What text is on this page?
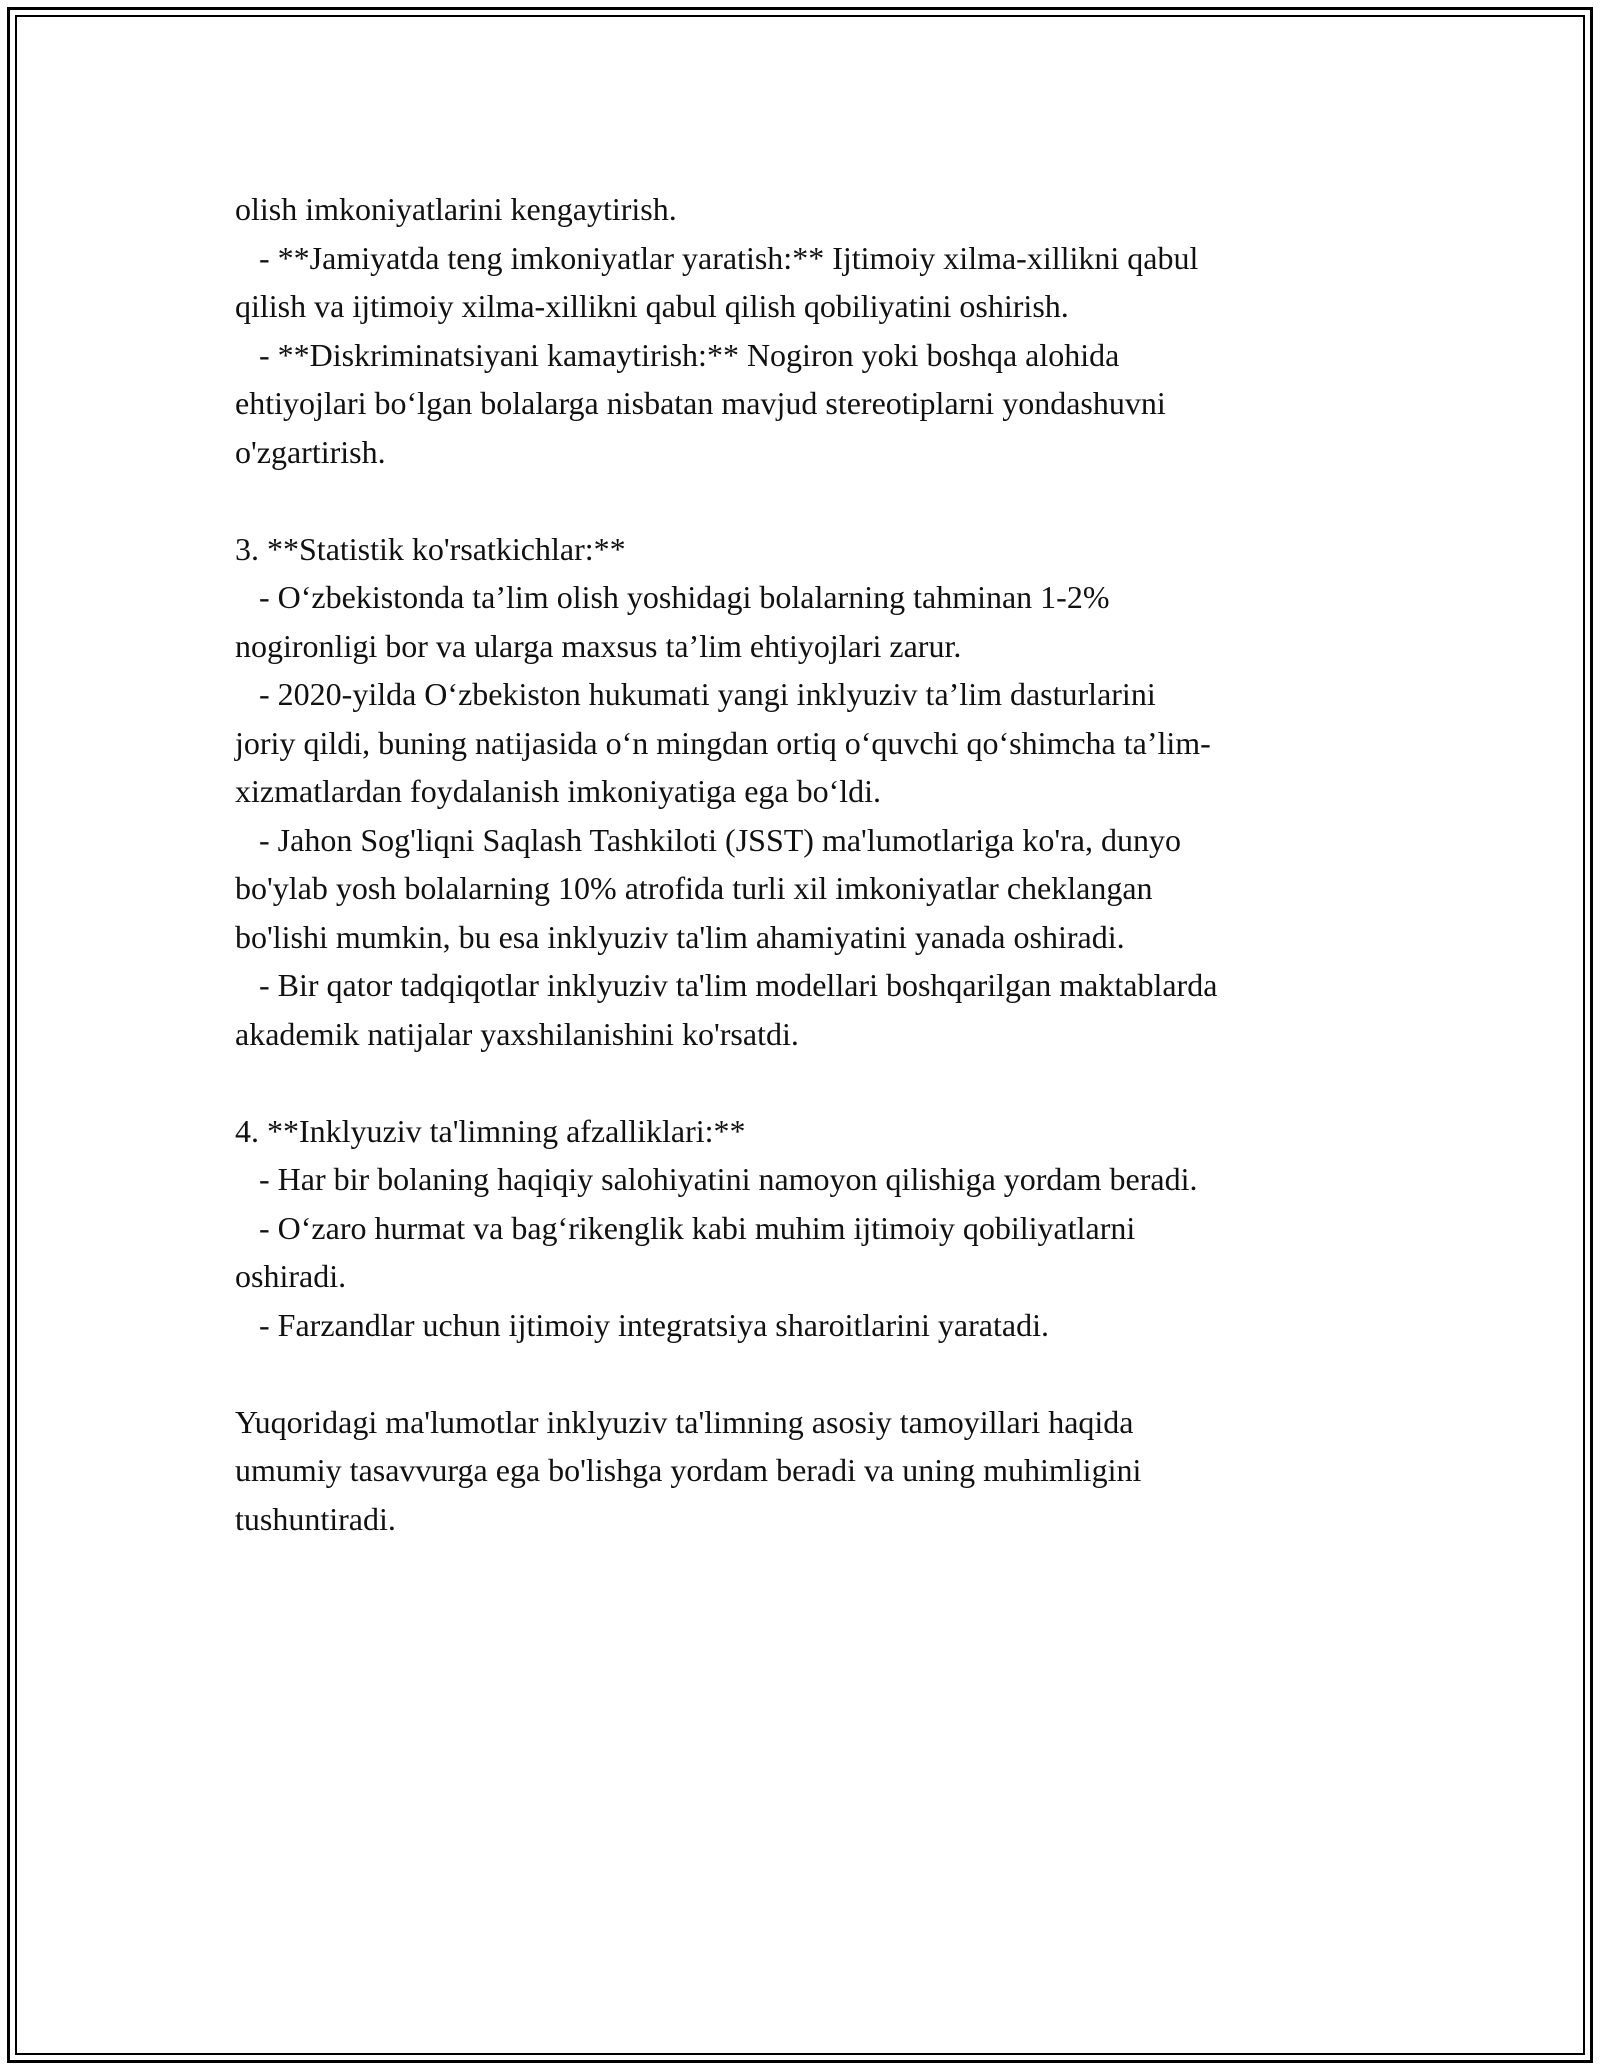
olish imkoniyatlarini kengaytirish.
- **Jamiyatda teng imkoniyatlar yaratish:** Ijtimoiy xilma-xillikni qabul
qilish va ijtimoiy xilma-xillikni qabul qilish qobiliyatini oshirish.
- **Diskriminatsiyani kamaytirish:** Nogiron yoki boshqa alohida
ehtiyojlari boʻlgan bolalarga nisbatan mavjud stereotiplarni yondashuvni
o'zgartirish.
3. **Statistik ko'rsatkichlar:**
- Oʻzbekistonda taʼlim olish yoshidagi bolalarning tahminan 1-2%
nogironligi bor va ularga maxsus taʼlim ehtiyojlari zarur.
- 2020-yilda Oʻzbekiston hukumati yangi inklyuziv taʼlim dasturlarini
joriy qildi, buning natijasida oʻn mingdan ortiq oʻquvchi qoʻshimcha taʼlim-
xizmatlardan foydalanish imkoniyatiga ega boʻldi.
- Jahon Sog'liqni Saqlash Tashkiloti (JSST) ma'lumotlariga ko'ra, dunyo
bo'ylab yosh bolalarning 10% atrofida turli xil imkoniyatlar cheklangan
bo'lishi mumkin, bu esa inklyuziv ta'lim ahamiyatini yanada oshiradi.
- Bir qator tadqiqotlar inklyuziv ta'lim modellari boshqarilgan maktablarda
akademik natijalar yaxshilanishini ko'rsatdi.
4. **Inklyuziv ta'limning afzalliklari:**
- Har bir bolaning haqiqiy salohiyatini namoyon qilishiga yordam beradi.
- Oʻzaro hurmat va bagʻrikenglik kabi muhim ijtimoiy qobiliyatlarni
oshiradi.
- Farzandlar uchun ijtimoiy integratsiya sharoitlarini yaratadi.
Yuqoridagi ma'lumotlar inklyuziv ta'limning asosiy tamoyillari haqida
umumiy tasavvurga ega bo'lishga yordam beradi va uning muhimligini
tushuntiradi.
